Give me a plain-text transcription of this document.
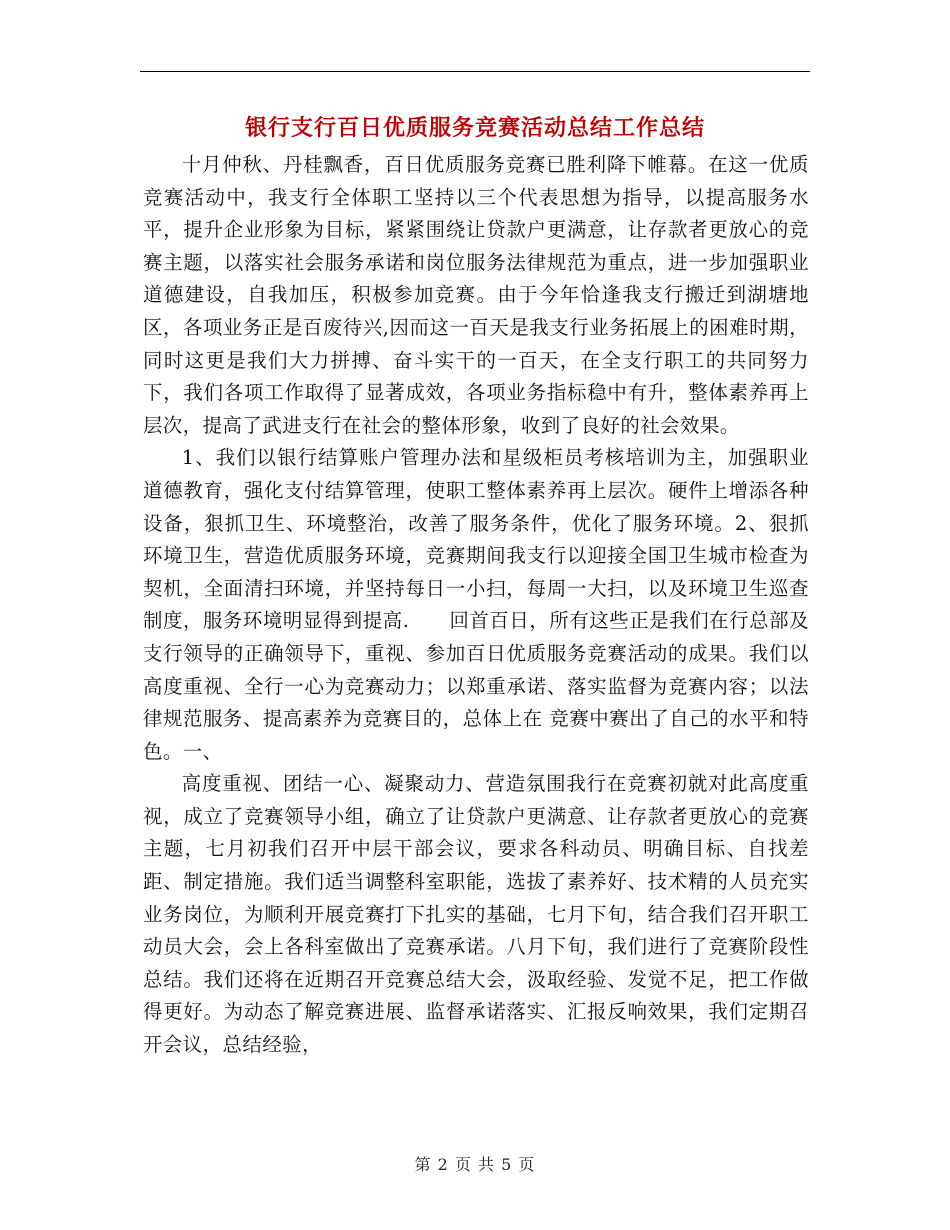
银行支行百日优质服务竞赛活动总结工作总结

十月仲秋、丹桂飘香，百日优质服务竞赛已胜利降下帷幕。在这一优质竞赛活动中，我支行全体职工坚持以三个代表思想为指导，以提高服务水平，提升企业形象为目标，紧紧围绕让贷款户更满意，让存款者更放心的竞赛主题，以落实社会服务承诺和岗位服务法律规范为重点，进一步加强职业道德建设，自我加压，积极参加竞赛。由于今年恰逢我支行搬迁到湖塘地区，各项业务正是百废待兴,因而这一百天是我支行业务拓展上的困难时期，同时这更是我们大力拼搏、奋斗实干的一百天，在全支行职工的共同努力下，我们各项工作取得了显著成效，各项业务指标稳中有升，整体素养再上层次，提高了武进支行在社会的整体形象，收到了良好的社会效果。

1、我们以银行结算账户管理办法和星级柜员考核培训为主，加强职业道德教育，强化支付结算管理，使职工整体素养再上层次。硬件上增添各种设备，狠抓卫生、环境整治，改善了服务条件，优化了服务环境。2、狠抓环境卫生，营造优质服务环境，竞赛期间我支行以迎接全国卫生城市检查为契机，全面清扫环境，并坚持每日一小扫，每周一大扫，以及环境卫生巡查制度，服务环境明显得到提高.　　回首百日，所有这些正是我们在行总部及支行领导的正确领导下，重视、参加百日优质服务竞赛活动的成果。我们以高度重视、全行一心为竞赛动力；以郑重承诺、落实监督为竞赛内容；以法律规范服务、提高素养为竞赛目的，总体上在 竞赛中赛出了自己的水平和特色。一、

高度重视、团结一心、凝聚动力、营造氛围我行在竞赛初就对此高度重视，成立了竞赛领导小组，确立了让贷款户更满意、让存款者更放心的竞赛主题，七月初我们召开中层干部会议，要求各科动员、明确目标、自找差距、制定措施。我们适当调整科室职能，选拔了素养好、技术精的人员充实业务岗位，为顺利开展竞赛打下扎实的基础，七月下旬，结合我们召开职工动员大会，会上各科室做出了竞赛承诺。八月下旬，我们进行了竞赛阶段性总结。我们还将在近期召开竞赛总结大会，汲取经验、发觉不足，把工作做得更好。为动态了解竞赛进展、监督承诺落实、汇报反响效果，我们定期召开会议，总结经验，

第 2 页 共 5 页
